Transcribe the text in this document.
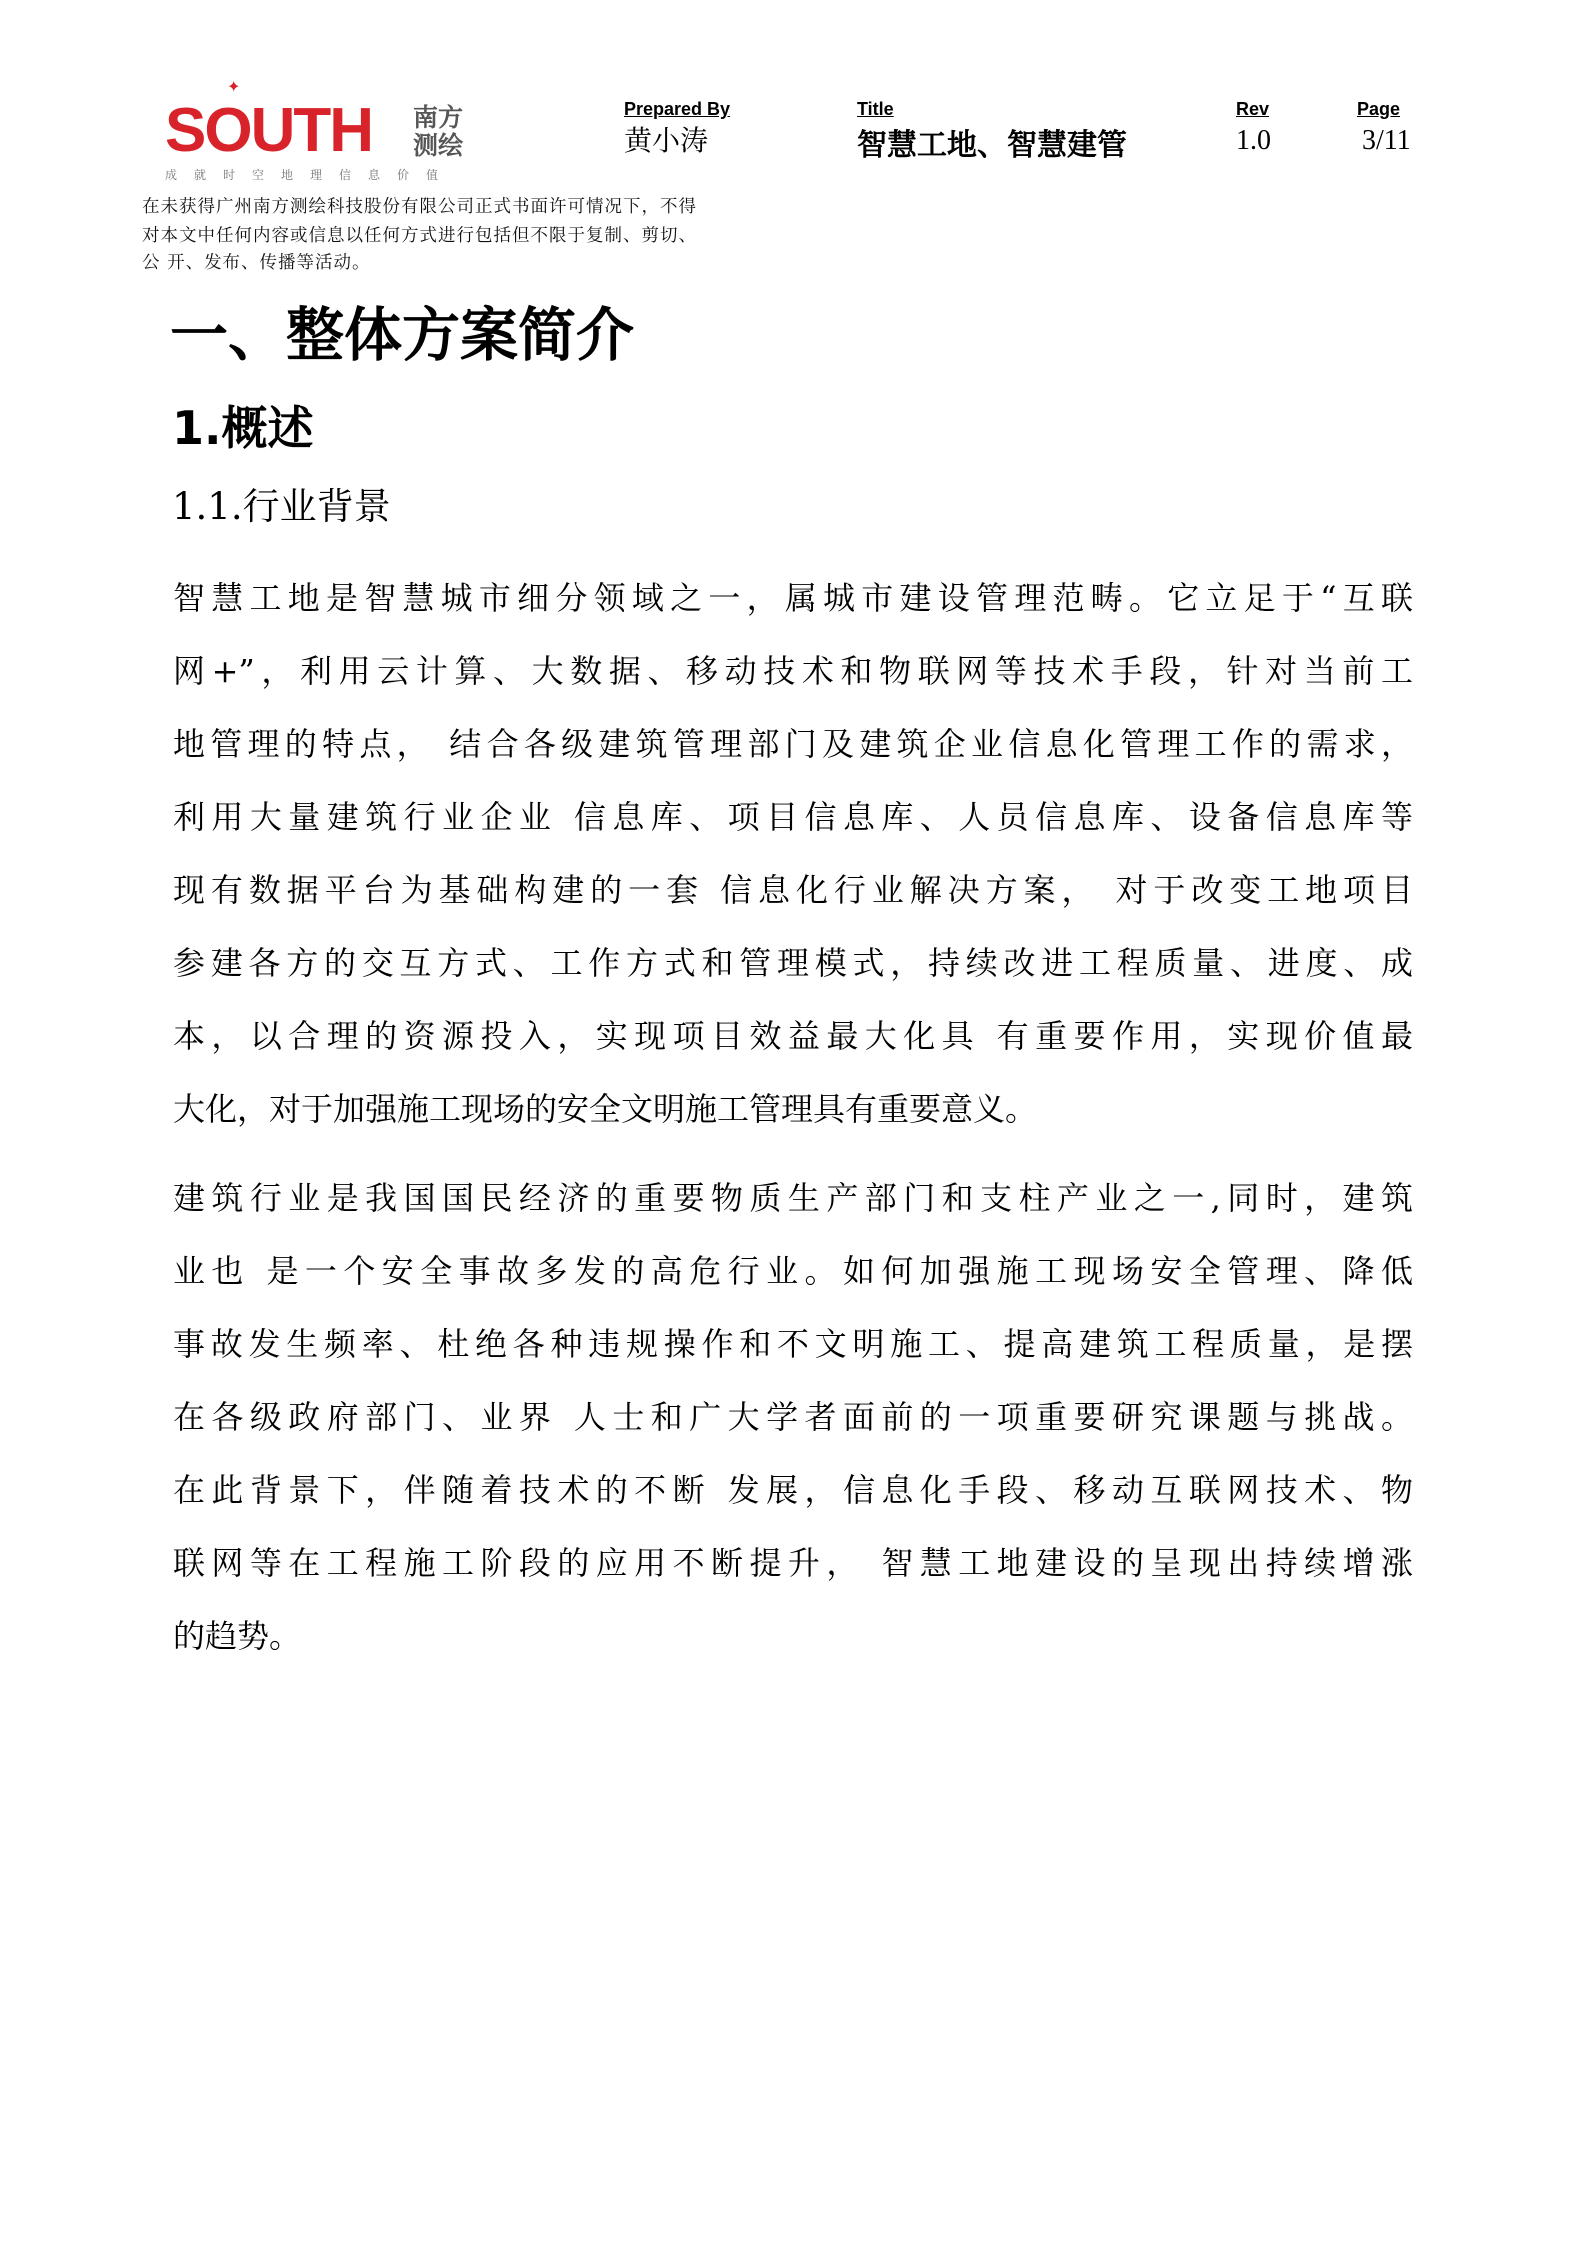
SOUTH
✦
南方测绘
成就时空地理信息价值
在未获得广州南方测绘科技股份有限公司正式书面许可情况下，不得
对本文中任何内容或信息以任何方式进行包括但不限于复制、剪切、
公 开、发布、传播等活动。
Prepared By
黄小涛
Title
智慧工地、智慧建管
Rev
1.0
Page
3/11
一、整体方案简介
1.概述
1.1.行业背景
智慧工地是智慧城市细分领域之一，属城市建设管理范畴。它立足于“互联
网+”，利用云计算、大数据、移动技术和物联网等技术手段，针对当前工
地管理的特点， 结合各级建筑管理部门及建筑企业信息化管理工作的需求，
利用大量建筑行业企业 信息库、项目信息库、人员信息库、设备信息库等
现有数据平台为基础构建的一套 信息化行业解决方案， 对于改变工地项目
参建各方的交互方式、工作方式和管理模式，持续改进工程质量、进度、成
本，以合理的资源投入，实现项目效益最大化具 有重要作用，实现价值最
大化，对于加强施工现场的安全文明施工管理具有重要意义。
建筑行业是我国国民经济的重要物质生产部门和支柱产业之一,同时，建筑
业也 是一个安全事故多发的高危行业。如何加强施工现场安全管理、降低
事故发生频率、杜绝各种违规操作和不文明施工、提高建筑工程质量，是摆
在各级政府部门、业界 人士和广大学者面前的一项重要研究课题与挑战。
在此背景下，伴随着技术的不断 发展，信息化手段、移动互联网技术、物
联网等在工程施工阶段的应用不断提升， 智慧工地建设的呈现出持续增涨
的趋势。
